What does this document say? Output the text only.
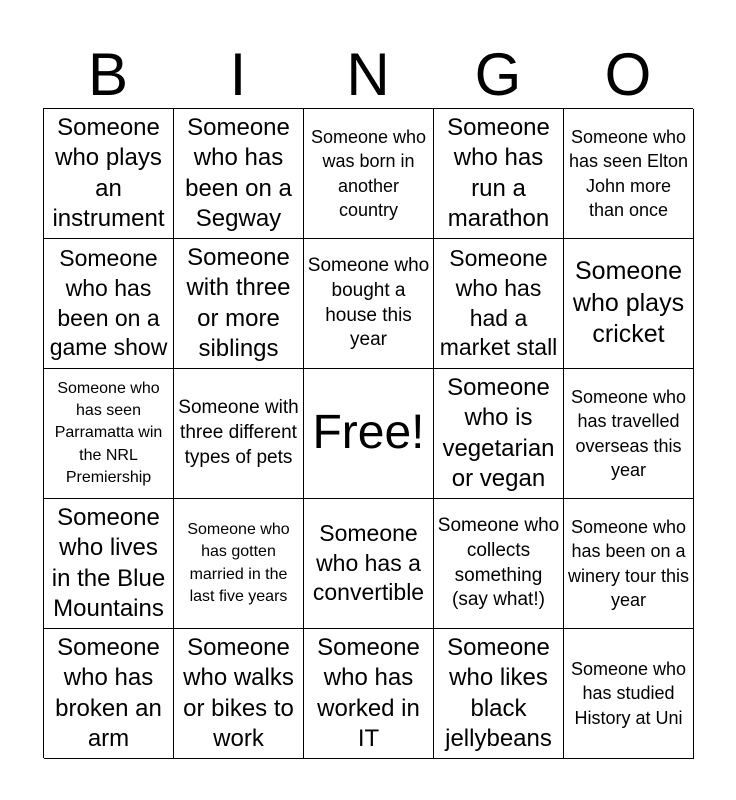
B	I	N	G	O
Someone who plays an instrument
Someone who has been on a Segway
Someone who was born in another country
Someone who has run a marathon
Someone who has seen Elton John more than once
Someone who has been on a game show
Someone with three or more siblings
Someone who bought a house this year
Someone who has had a market stall
Someone who plays cricket
Someone who has seen Parramatta win the NRL Premiership
Someone with three different types of pets Free!
Someone who is vegetarian or vegan
Someone who has travelled overseas this year
Someone who lives in the Blue Mountains
Someone who has gotten married in the last five years
Someone who has a convertible
Someone who collects something (say what!)
Someone who has been on a winery tour this year
Someone who has broken an arm
Someone who walks or bikes to work
Someone who has worked in IT
Someone who likes black jellybeans
Someone who has studied History at Uni
